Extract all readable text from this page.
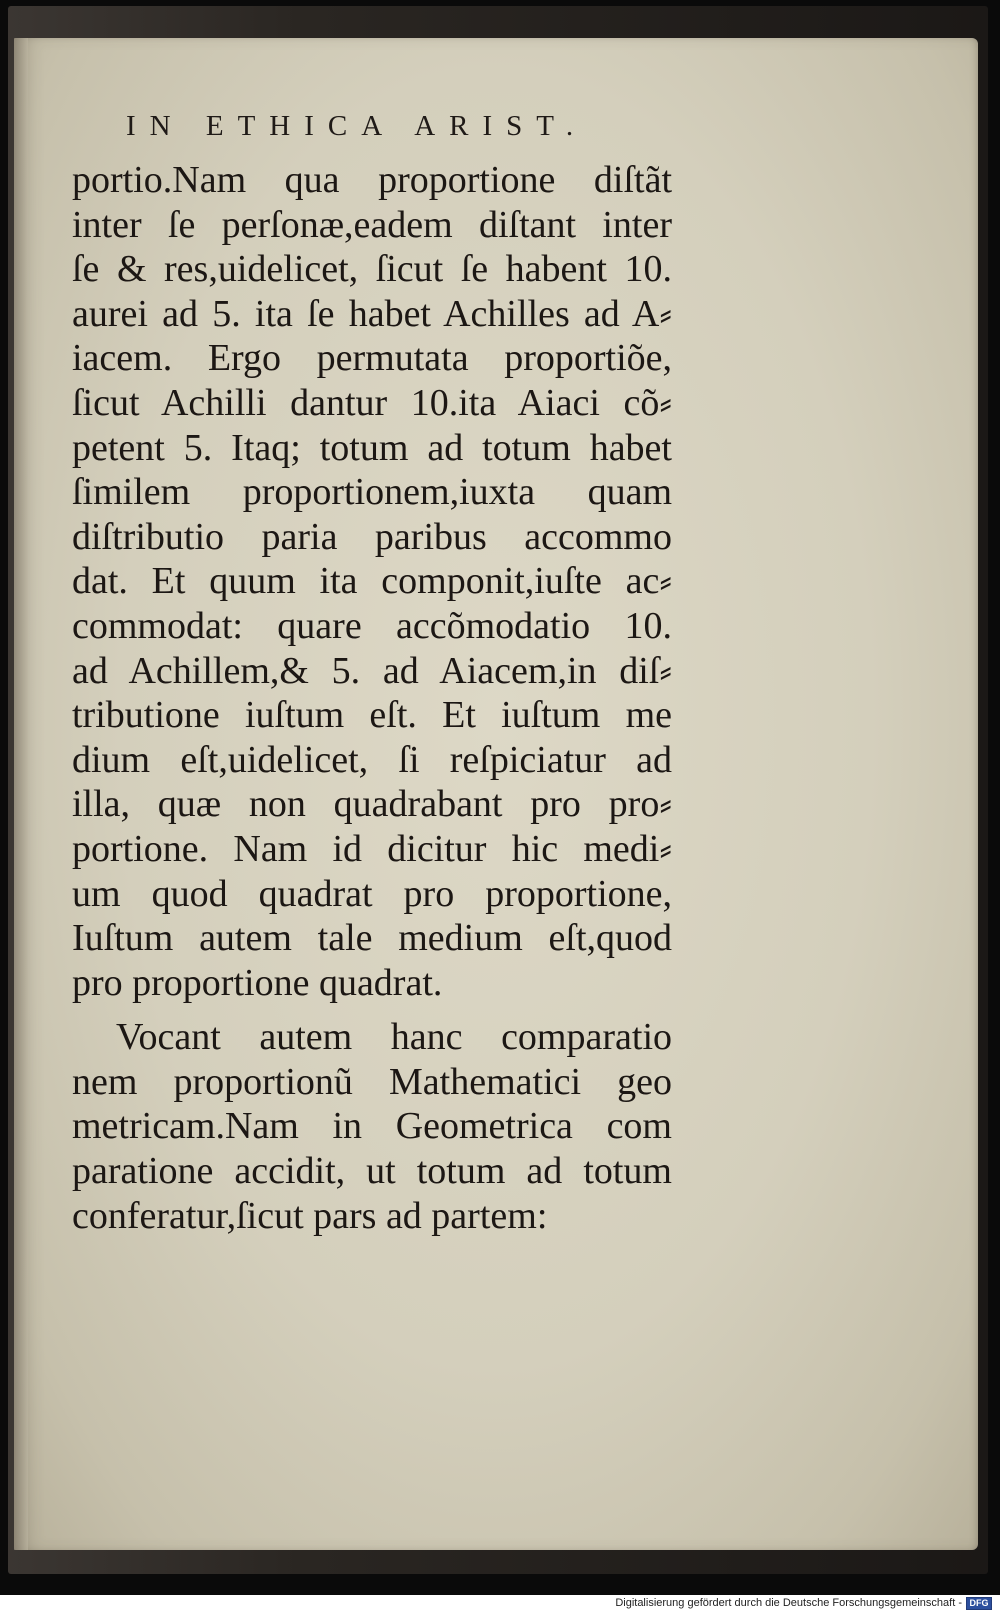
IN ETHICA ARIST.
portio.Nam qua proportione diſtãt
inter ſe perſonæ,eadem diſtant inter
ſe & res,uidelicet, ſicut ſe habent 10.
aurei ad 5. ita ſe habet Achilles ad A⸗
iacem. Ergo permutata proportiõe,
ſicut Achilli dantur 10.ita Aiaci cõ⸗
petent 5. Itaq; totum ad totum habet
ſimilem proportionem,iuxta quam
diſtributio paria paribus accommo
dat. Et quum ita componit,iuſte ac⸗
commodat: quare accõmodatio 10.
ad Achillem,& 5. ad Aiacem,in diſ⸗
tributione iuſtum eſt. Et iuſtum me
dium eſt,uidelicet, ſi reſpiciatur ad
illa, quæ non quadrabant pro pro⸗
portione. Nam id dicitur hic medi⸗
um quod quadrat pro proportione,
Iuſtum autem tale medium eſt,quod
pro proportione quadrat.
Vocant autem hanc comparatio
nem proportionũ Mathematici geo
metricam.Nam in Geometrica com
paratione accidit, ut totum ad totum
conferatur,ſicut pars ad partem:
Digitalisierung gefördert durch die Deutsche Forschungsgemeinschaft - DFG
